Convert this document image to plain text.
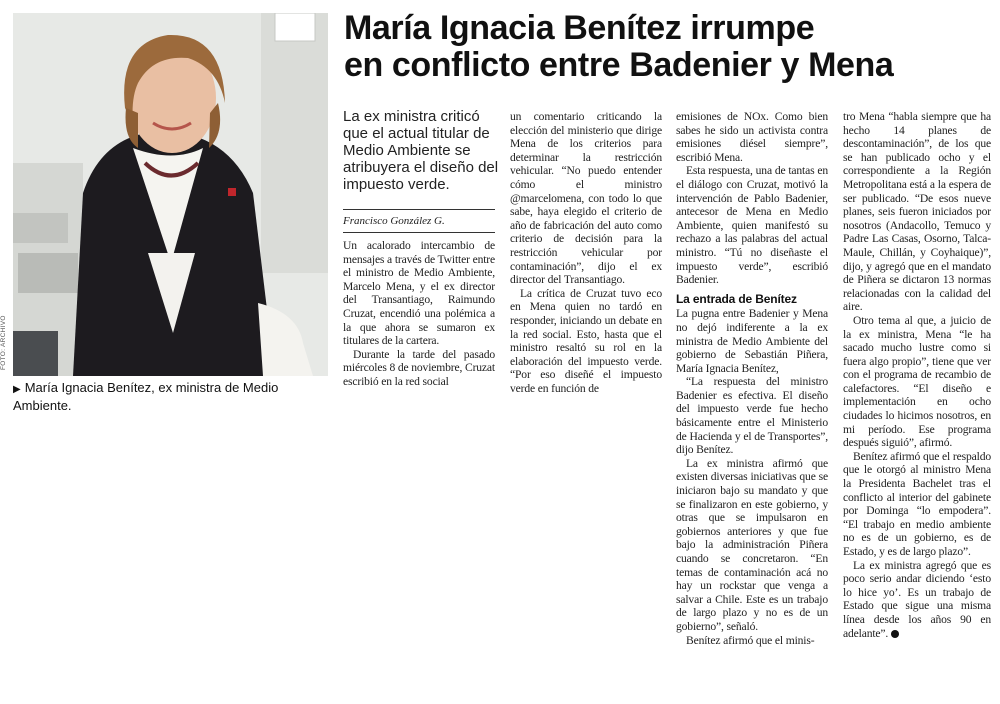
FOTO: ARCHIVO
▶ María Ignacia Benítez, ex ministra de Medio Ambiente.
María Ignacia Benítez irrumpe
en conflicto entre Badenier y Mena
La ex ministra criticó que el actual titular de Medio Ambiente se atribuyera el diseño del impuesto verde.
Francisco González G.

Un acalorado intercambio de mensajes a través de Twitter entre el ministro de Medio Ambiente, Marcelo Mena, y el ex director del Transantiago, Raimundo Cruzat, encendió una polémica a la que ahora se sumaron ex titulares de la cartera.

Durante la tarde del pasado miércoles 8 de noviembre, Cruzat escribió en la red social

un comentario criticando la elección del ministerio que dirige Mena de los criterios para determinar la restricción vehicular. “No puedo entender cómo el ministro @marcelomena, con todo lo que sabe, haya elegido el criterio de año de fabricación del auto como criterio de decisión para la restricción vehicular por contaminación”, dijo el ex director del Transantiago.

La crítica de Cruzat tuvo eco en Mena quien no tardó en responder, iniciando un debate en la red social. Esto, hasta que el ministro resaltó su rol en la elaboración del impuesto verde. “Por eso diseñé el impuesto verde en función de

emisiones de NOx. Como bien sabes he sido un activista contra emisiones diésel siempre”, escribió Mena.

Esta respuesta, una de tantas en el diálogo con Cruzat, motivó la intervención de Pablo Badenier, antecesor de Mena en Medio Ambiente, quien manifestó su rechazo a las palabras del actual ministro. “Tú no diseñaste el impuesto verde”, escribió Badenier.

La entrada de Benítez

La pugna entre Badenier y Mena no dejó indiferente a la ex ministra de Medio Ambiente del gobierno de Sebastián Piñera, María Ignacia Benítez,

“La respuesta del ministro Badenier es efectiva. El diseño del impuesto verde fue hecho básicamente entre el Ministerio de Hacienda y el de Transportes”, dijo Benítez.

La ex ministra afirmó que existen diversas iniciativas que se iniciaron bajo su mandato y que se finalizaron en este gobierno, y otras que se impulsaron en gobiernos anteriores y que fue bajo la administración Piñera cuando se concretaron. “En temas de contaminación acá no hay un rockstar que venga a salvar a Chile. Este es un trabajo de largo plazo y no es de un gobierno”, señaló.

Benítez afirmó que el minis-

tro Mena “habla siempre que ha hecho 14 planes de descontaminación”, de los que se han publicado ocho y el correspondiente a la Región Metropolitana está a la espera de ser publicado. “De esos nueve planes, seis fueron iniciados por nosotros (Andacollo, Temuco y Padre Las Casas, Osorno, Talca-Maule, Chillán, y Coyhaique)”, dijo, y agregó que en el mandato de Piñera se dictaron 13 normas relacionadas con la calidad del aire.

Otro tema al que, a juicio de la ex ministra, Mena “le ha sacado mucho lustre como si fuera algo propio”, tiene que ver con el programa de recambio de calefactores. “El diseño e implementación en ocho ciudades lo hicimos nosotros, en mi período. Ese programa después siguió”, afirmó.

Benítez afirmó que el respaldo que le otorgó al ministro Mena la Presidenta Bachelet tras el conflicto al interior del gabinete por Dominga “lo empodera”. “El trabajo en medio ambiente no es de un gobierno, es de Estado, y es de largo plazo”.

La ex ministra agregó que es poco serio andar diciendo ‘esto lo hice yo’. Es un trabajo de Estado que sigue una misma línea desde los años 90 en adelante”.
